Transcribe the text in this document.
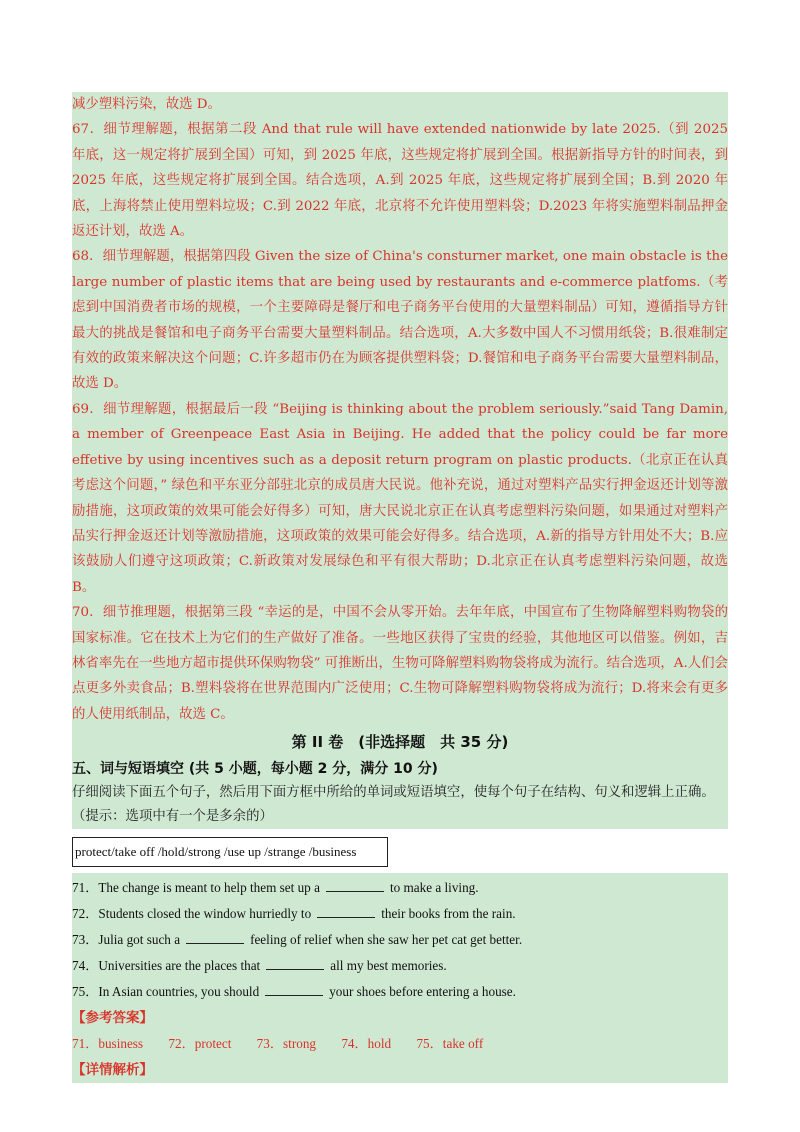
减少塑料污染，故选 D。

67．细节理解题，根据第二段 And that rule will have extended nationwide by late 2025.（到 2025 年底，这一规定将扩展到全国）可知，到 2025 年底，这些规定将扩展到全国。根据新指导方针的时间表，到 2025 年底，这些规定将扩展到全国。结合选项，A.到 2025 年底，这些规定将扩展到全国；B.到 2020 年底，上海将禁止使用塑料垃圾；C.到 2022 年底，北京将不允许使用塑料袋；D.2023 年将实施塑料制品押金返还计划，故选 A。

68．细节理解题，根据第四段 Given the size of China's consturner market, one main obstacle is the large number of plastic items that are being used by restaurants and e-commerce platfoms.（考虑到中国消费者市场的规模，一个主要障碍是餐厅和电子商务平台使用的大量塑料制品）可知，遵循指导方针最大的挑战是餐馆和电子商务平台需要大量塑料制品。结合选项，A.大多数中国人不习惯用纸袋；B.很难制定有效的政策来解决这个问题；C.许多超市仍在为顾客提供塑料袋；D.餐馆和电子商务平台需要大量塑料制品，故选 D。

69．细节理解题，根据最后一段 “Beijing is thinking about the problem seriously.”said Tang Damin, a member of Greenpeace East Asia in Beijing. He added that the policy could be far more effetive by using incentives such as a deposit return program on plastic products.（北京正在认真考虑这个问题，” 绿色和平东亚分部驻北京的成员唐大民说。他补充说，通过对塑料产品实行押金返还计划等激励措施，这项政策的效果可能会好得多）可知，唐大民说北京正在认真考虑塑料污染问题，如果通过对塑料产品实行押金返还计划等激励措施，这项政策的效果可能会好得多。结合选项，A.新的指导方针用处不大；B.应该鼓励人们遵守这项政策；C.新政策对发展绿色和平有很大帮助；D.北京正在认真考虑塑料污染问题，故选 B。

70．细节推理题，根据第三段 “幸运的是，中国不会从零开始。去年年底，中国宣布了生物降解塑料购物袋的国家标准。它在技术上为它们的生产做好了准备。一些地区获得了宝贵的经验，其他地区可以借鉴。例如，吉林省率先在一些地方超市提供环保购物袋” 可推断出，生物可降解塑料购物袋将成为流行。结合选项，A.人们会点更多外卖食品；B.塑料袋将在世界范围内广泛使用；C.生物可降解塑料购物袋将成为流行；D.将来会有更多的人使用纸制品，故选 C。

第 II 卷　(非选择题　共 35 分)

五、词与短语填空 (共 5 小题，每小题 2 分，满分 10 分)

仔细阅读下面五个句子，然后用下面方框中所给的单词或短语填空，使每个句子在结构、句义和逻辑上正确。（提示：选项中有一个是多余的）

protect/take off /hold/strong /use up /strange /business

71．The change is meant to help them set up a	to make a living.

72．Students closed the window hurriedly to	their books from the rain.

73．Julia got such a	feeling of relief when she saw her pet cat get better.

74．Universities are the places that	all my best memories.

75．In Asian countries, you should	your shoes before entering a house.

【参考答案】

71．business 72．protect 73．strong 74．hold 75．take off

【详情解析】
